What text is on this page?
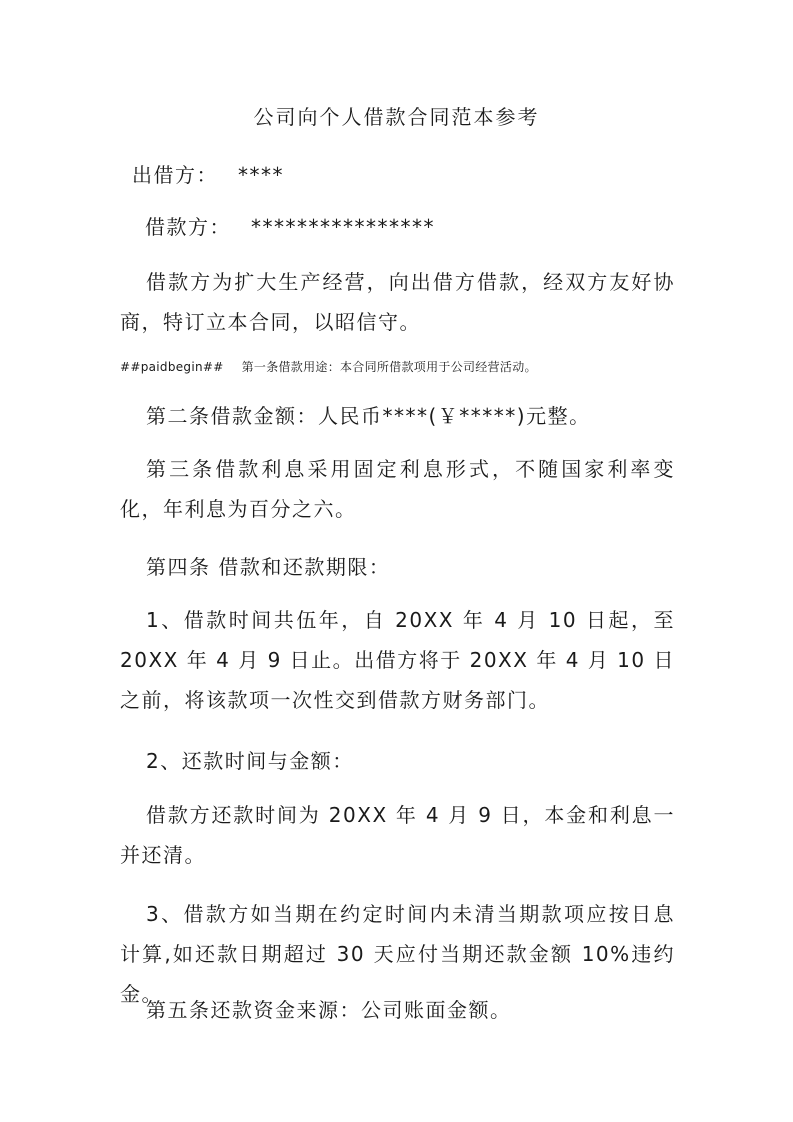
公司向个人借款合同范本参考
出借方： ****
借款方： ****************
借款方为扩大生产经营，向出借方借款，经双方友好协商，特订立本合同，以昭信守。
##paidbegin## 第一条借款用途：本合同所借款项用于公司经营活动。
第二条借款金额：人民币****(￥*****)元整。
第三条借款利息采用固定利息形式，不随国家利率变化，年利息为百分之六。
第四条 借款和还款期限：
1、借款时间共伍年，自 20XX 年 4 月 10 日起，至 20XX 年 4 月 9 日止。出借方将于 20XX 年 4 月 10 日之前，将该款项一次性交到借款方财务部门。
2、还款时间与金额：
借款方还款时间为 20XX 年 4 月 9 日，本金和利息一并还清。
3、借款方如当期在约定时间内未清当期款项应按日息计算,如还款日期超过 30 天应付当期还款金额 10%违约金。
第五条还款资金来源：公司账面金额。
